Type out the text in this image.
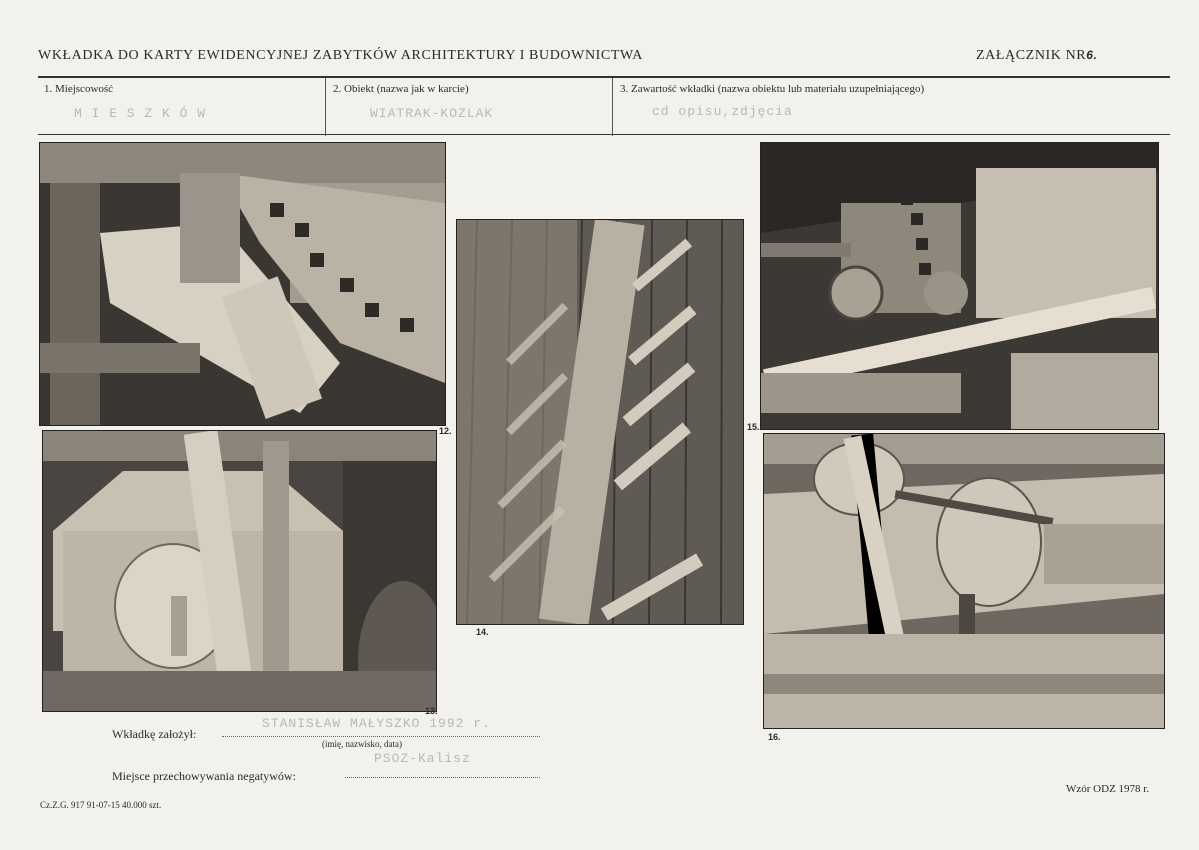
WKŁADKA DO KARTY EWIDENCYJNEJ ZABYTKÓW ARCHITEKTURY I BUDOWNICTWA	ZAŁĄCZNIK NR6.
1. Miejscowość
M I E S Z K Ó W
2. Obiekt (nazwa jak w karcie)
WIATRAK-KOZLAK
3. Zawartość wkładki (nazwa obiektu lub materiału uzupełniającego)
cd opisu,zdjęcia
12.
13.
14.
15.
16.
Wkładkę założył:
STANISŁAW MAŁYSZKO 1992 r.
(imię, nazwisko, data)
Miejsce przechowywania negatywów:
PSOZ-Kalisz
Cz.Z.G. 917 91-07-15 40.000 szt.
Wzór ODZ 1978 r.
